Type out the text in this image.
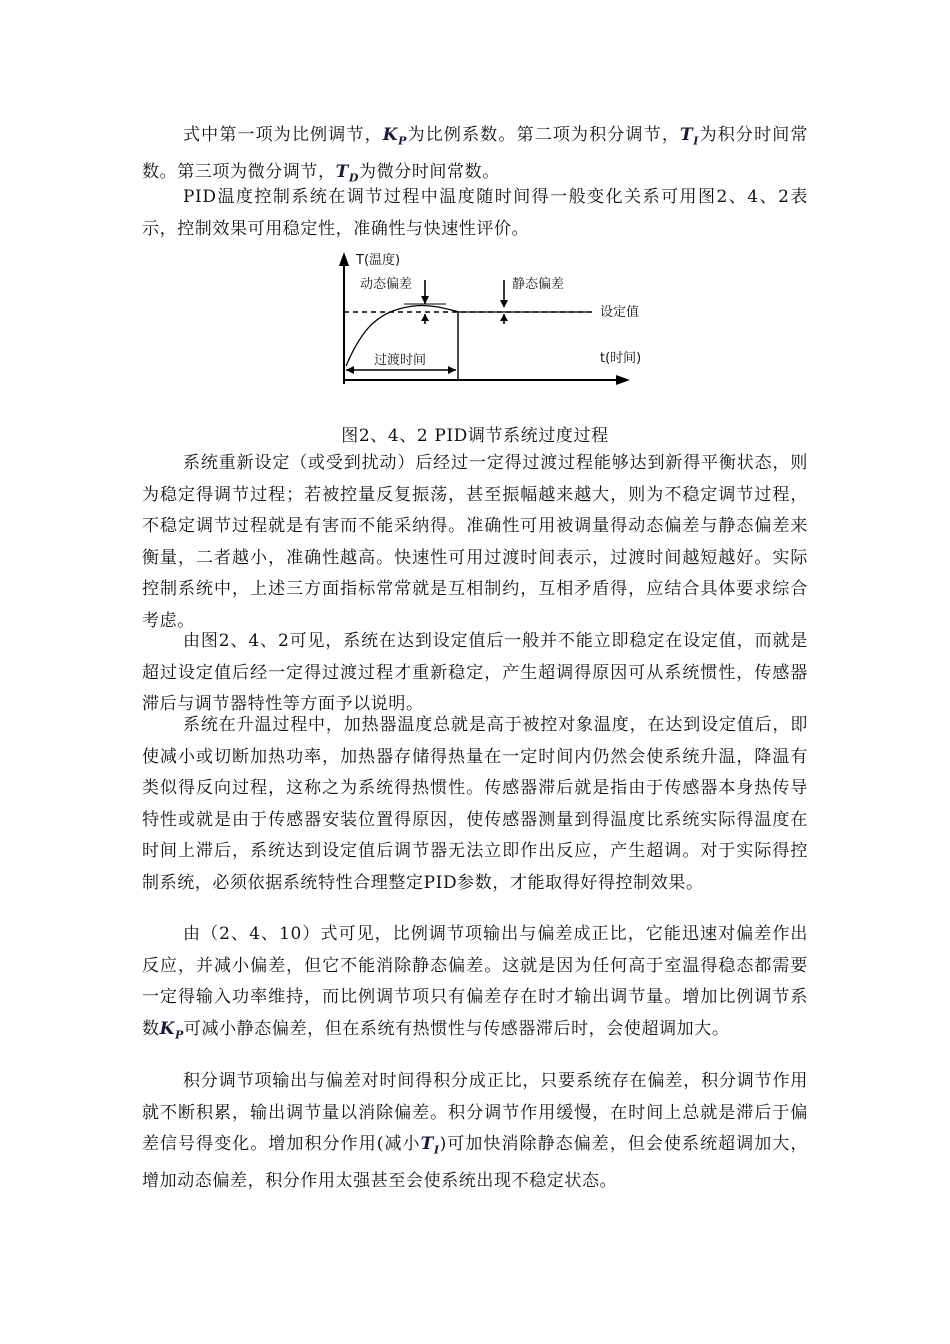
式中第一项为比例调节，$K_P$为比例系数。第二项为积分调节，$T_I$为积分时间常数。第三项为微分调节，$T_D$为微分时间常数。

PID温度控制系统在调节过程中温度随时间得一般变化关系可用图2、4、2表示，控制效果可用稳定性，准确性与快速性评价。

T(温度)
动态偏差	静态偏差
设定值
过渡时间	t(时间)
图2、4、2 PID调节系统过度过程

系统重新设定（或受到扰动）后经过一定得过渡过程能够达到新得平衡状态，则为稳定得调节过程；若被控量反复振荡，甚至振幅越来越大，则为不稳定调节过程，不稳定调节过程就是有害而不能采纳得。准确性可用被调量得动态偏差与静态偏差来衡量，二者越小，准确性越高。快速性可用过渡时间表示，过渡时间越短越好。实际控制系统中，上述三方面指标常常就是互相制约，互相矛盾得，应结合具体要求综合考虑。

由图2、4、2可见，系统在达到设定值后一般并不能立即稳定在设定值，而就是超过设定值后经一定得过渡过程才重新稳定，产生超调得原因可从系统惯性，传感器滞后与调节器特性等方面予以说明。

系统在升温过程中，加热器温度总就是高于被控对象温度，在达到设定值后，即使减小或切断加热功率，加热器存储得热量在一定时间内仍然会使系统升温，降温有类似得反向过程，这称之为系统得热惯性。传感器滞后就是指由于传感器本身热传导特性或就是由于传感器安装位置得原因，使传感器测量到得温度比系统实际得温度在时间上滞后，系统达到设定值后调节器无法立即作出反应，产生超调。对于实际得控制系统，必须依据系统特性合理整定PID参数，才能取得好得控制效果。

由（2、4、10）式可见，比例调节项输出与偏差成正比，它能迅速对偏差作出反应，并减小偏差，但它不能消除静态偏差。这就是因为任何高于室温得稳态都需要一定得输入功率维持，而比例调节项只有偏差存在时才输出调节量。增加比例调节系数$K_P$可减小静态偏差，但在系统有热惯性与传感器滞后时，会使超调加大。

积分调节项输出与偏差对时间得积分成正比，只要系统存在偏差，积分调节作用就不断积累，输出调节量以消除偏差。积分调节作用缓慢，在时间上总就是滞后于偏差信号得变化。增加积分作用(减小$T_I$)可加快消除静态偏差，但会使系统超调加大，增加动态偏差，积分作用太强甚至会使系统出现不稳定状态。
